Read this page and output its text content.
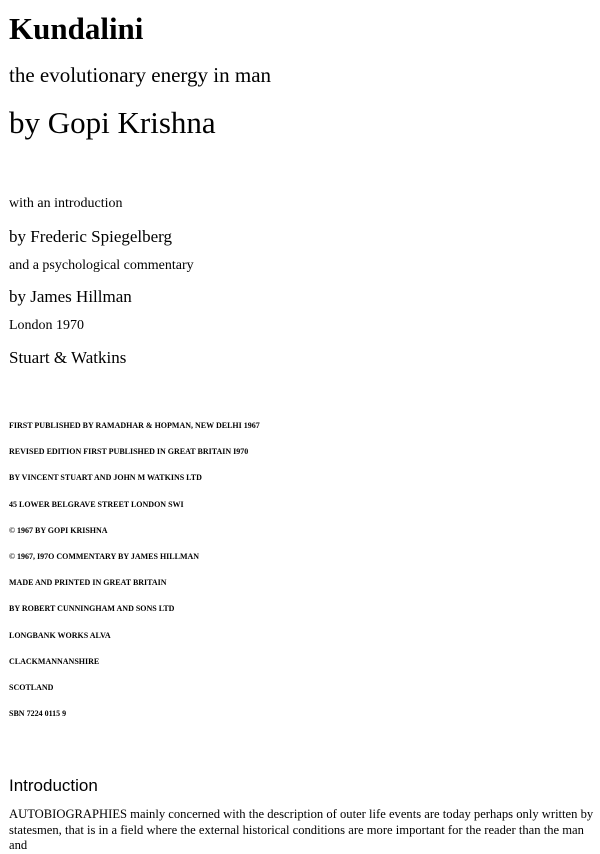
Kundalini

the evolutionary energy in man

by Gopi Krishna

with an introduction

by Frederic Spiegelberg

and a psychological commentary

by James Hillman

London 1970

Stuart & Watkins

FIRST PUBLISHED BY RAMADHAR & HOPMAN, NEW DELHI 1967
REVISED EDITION FIRST PUBLISHED IN GREAT BRITAIN I970
BY VINCENT STUART AND JOHN M WATKINS LTD
45 LOWER BELGRAVE STREET LONDON SWI
© 1967 BY GOPI KRISHNA
© 1967, I97O COMMENTARY BY JAMES HILLMAN
MADE AND PRINTED IN GREAT BRITAIN
BY ROBERT CUNNINGHAM AND SONS LTD
LONGBANK WORKS ALVA
CLACKMANNANSHIRE
SCOTLAND
SBN 7224 0115 9
Introduction

AUTOBIOGRAPHIES mainly concerned with the description of outer life events are today perhaps only written by statesmen, that is in a field where the external historical conditions are more important for the reader than the man and
